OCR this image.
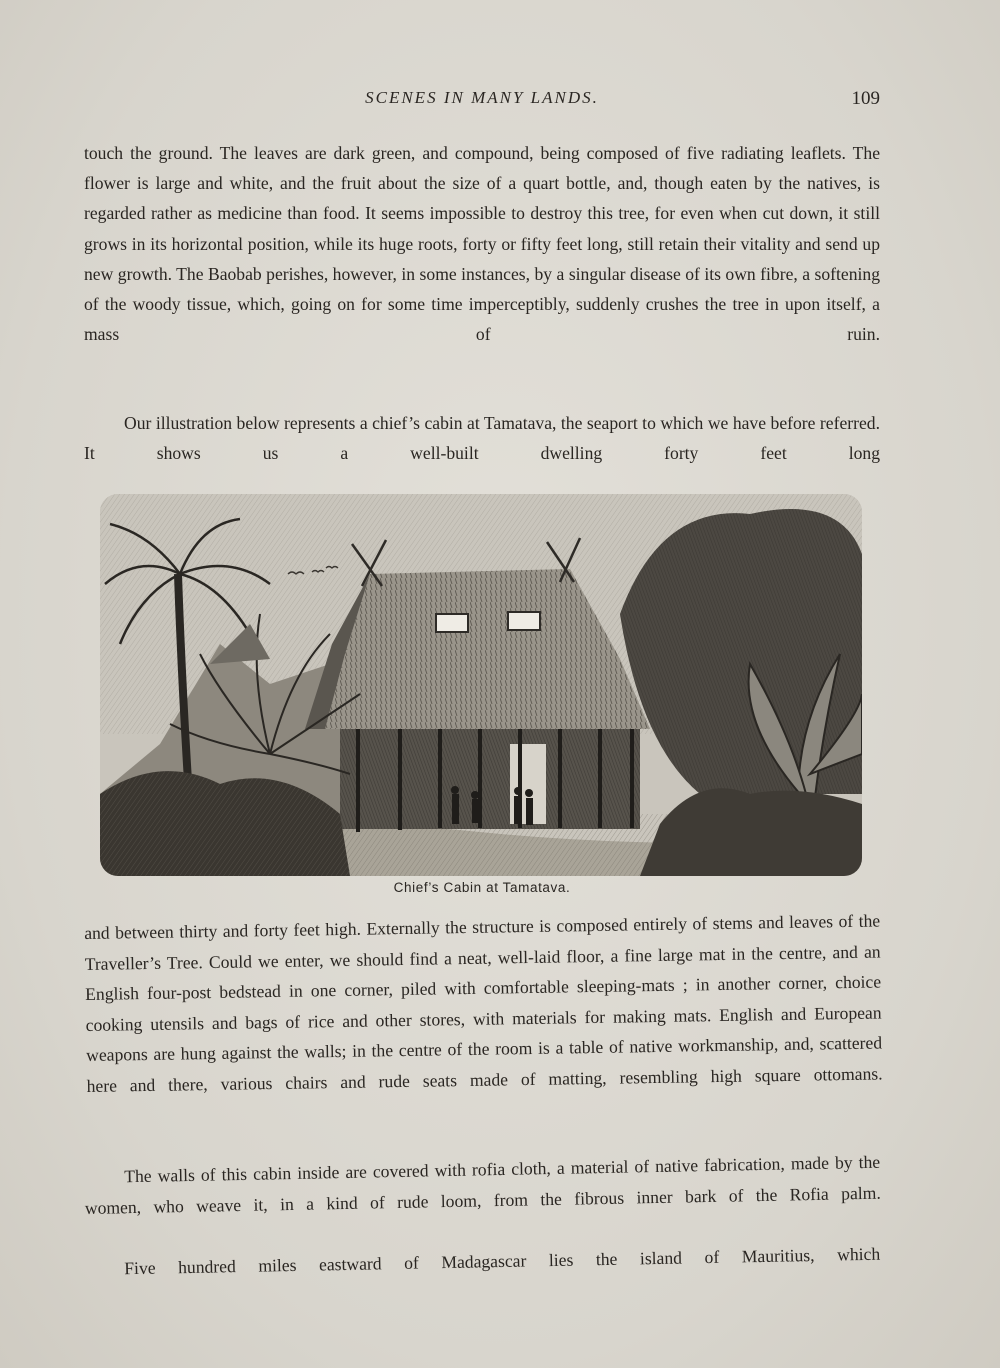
SCENES IN MANY LANDS.	109

touch the ground. The leaves are dark green, and compound, being composed of five radiating leaflets. The flower is large and white, and the fruit about the size of a quart bottle, and, though eaten by the natives, is regarded rather as medicine than food. It seems impossible to destroy this tree, for even when cut down, it still grows in its horizontal position, while its huge roots, forty or fifty feet long, still retain their vitality and send up new growth. The Baobab perishes, however, in some instances, by a singular disease of its own fibre, a softening of the woody tissue, which, going on for some time imperceptibly, suddenly crushes the tree in upon itself, a mass of ruin.

Our illustration below represents a chief’s cabin at Tamatava, the seaport to which we have before referred. It shows us a well-built dwelling forty feet long

Chief’s Cabin at Tamatava.

and between thirty and forty feet high. Externally the structure is composed entirely of stems and leaves of the Traveller’s Tree. Could we enter, we should find a neat, well-laid floor, a fine large mat in the centre, and an English four-post bedstead in one corner, piled with comfortable sleeping-mats ; in another corner, choice cooking utensils and bags of rice and other stores, with materials for making mats. English and European weapons are hung against the walls; in the centre of the room is a table of native workmanship, and, scattered here and there, various chairs and rude seats made of matting, resembling high square ottomans.

The walls of this cabin inside are covered with rofia cloth, a material of native fabrication, made by the women, who weave it, in a kind of rude loom, from the fibrous inner bark of the Rofia palm.

Five hundred miles eastward of Madagascar lies the island of Mauritius, which
